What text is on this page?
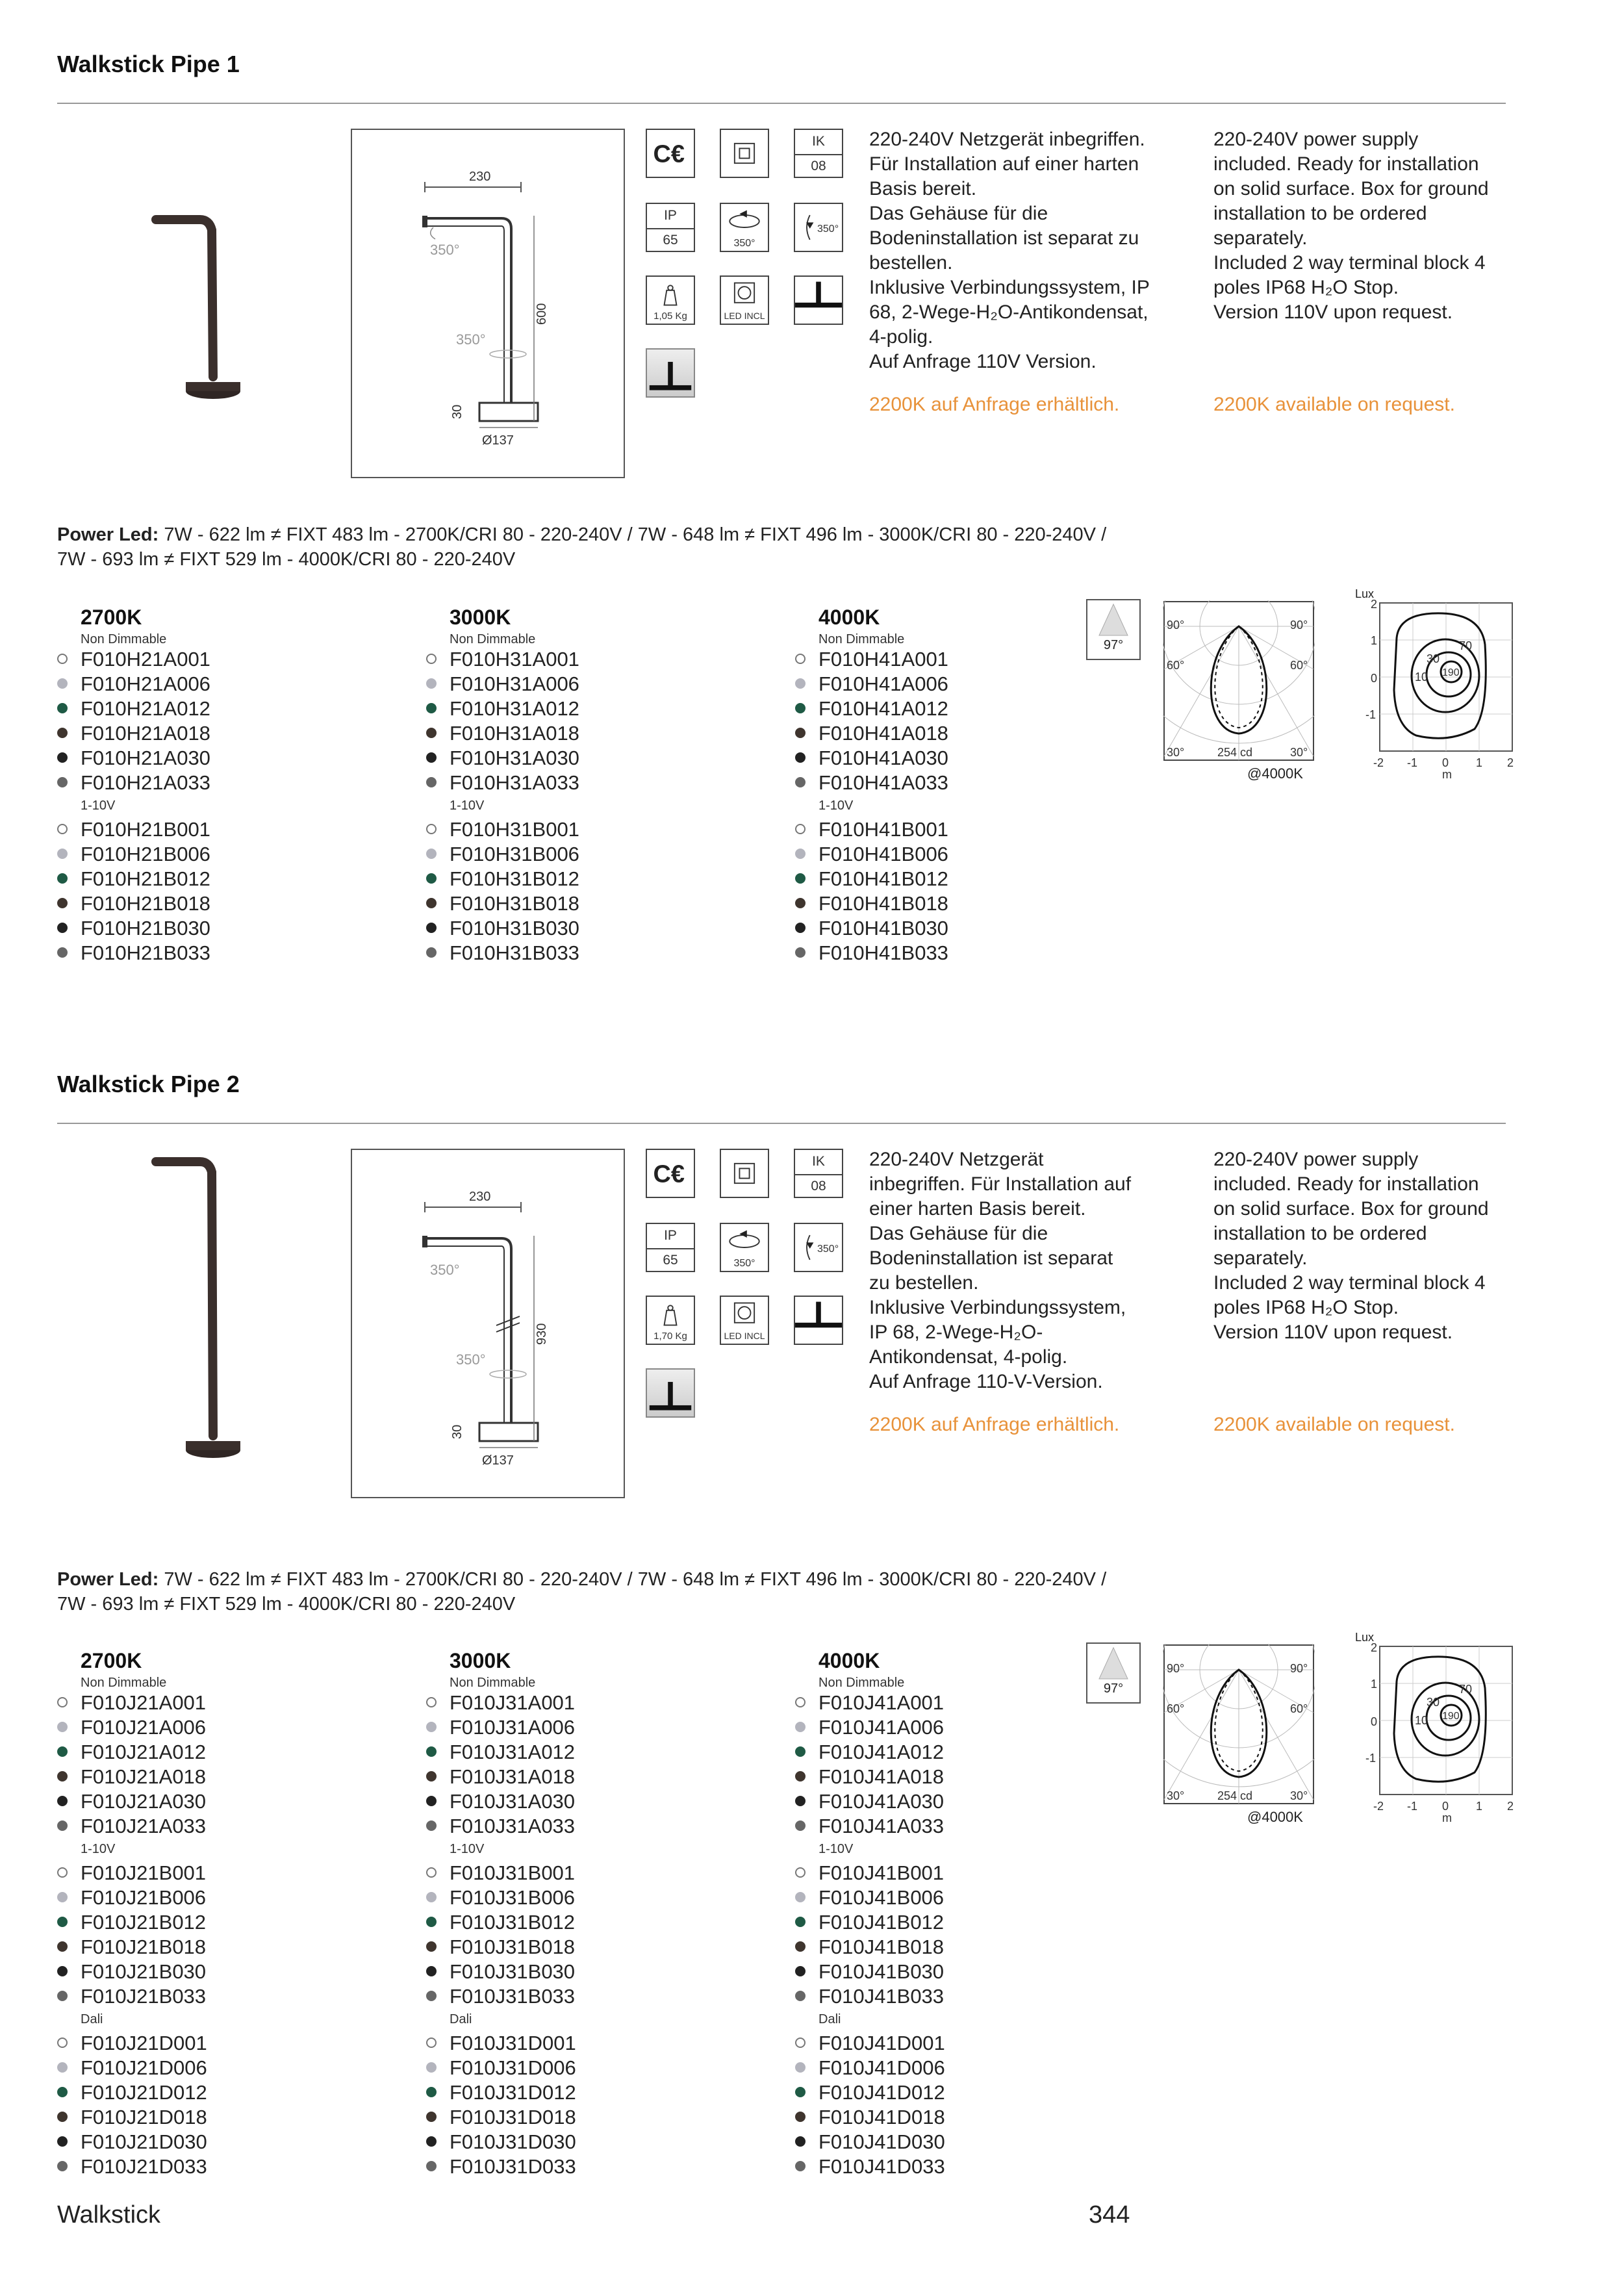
Walkstick Pipe 1
230
350°
350°
600
30
Ø137
C€	IK
08
IP
65	350°
350°
1,05 Kg	LED INCL
220-240V Netzgerät inbegriffen.
Für Installation auf einer harten
Basis bereit.
Das Gehäuse für die
Bodeninstallation ist separat zu
bestellen.
Inklusive Verbindungssystem, IP
68, 2-Wege-H₂O-Antikondensat,
4-polig.
Auf Anfrage 110V Version.
2200K auf Anfrage erhältlich.
220-240V power supply
included. Ready for installation
on solid surface. Box for ground
installation to be ordered
separately.
Included 2 way terminal block 4
poles IP68 H₂O Stop.
Version 110V upon request.
2200K available on request.
Power Led: 7W - 622 lm ≠ FIXT 483 lm - 2700K/CRI 80 - 220-240V / 7W - 648 lm ≠ FIXT 496 lm - 3000K/CRI 80 - 220-240V /
7W - 693 lm ≠ FIXT 529 lm - 4000K/CRI 80 - 220-240V
2700K
Non Dimmable
F010H21A001
F010H21A006
F010H21A012
F010H21A018
F010H21A030
F010H21A033
1-10V
F010H21B001
F010H21B006
F010H21B012
F010H21B018
F010H21B030
F010H21B033
3000K
Non Dimmable
F010H31A001
F010H31A006
F010H31A012
F010H31A018
F010H31A030
F010H31A033
1-10V
F010H31B001
F010H31B006
F010H31B012
F010H31B018
F010H31B030
F010H31B033
4000K
Non Dimmable
F010H41A001
F010H41A006
F010H41A012
F010H41A018
F010H41A030
F010H41A033
1-10V
F010H41B001
F010H41B006
F010H41B012
F010H41B018
F010H41B030
F010H41B033
97°
90°	90°
60°	60°
30°	30°
254 cd
@4000K
Lux
2
1
0
-1
-2 -1 0 1 2
m
70
30
10 190
Walkstick Pipe 2
230
350°
350°
930
30
Ø137
C€	IK
08
IP
65	350°
350°
1,70 Kg	LED INCL
220-240V Netzgerät
inbegriffen. Für Installation auf
einer harten Basis bereit.
Das Gehäuse für die
Bodeninstallation ist separat
zu bestellen.
Inklusive Verbindungssystem,
IP 68, 2-Wege-H₂O-
Antikondensat, 4-polig.
Auf Anfrage 110-V-Version.
2200K auf Anfrage erhältlich.
220-240V power supply
included. Ready for installation
on solid surface. Box for ground
installation to be ordered
separately.
Included 2 way terminal block 4
poles IP68 H₂O Stop.
Version 110V upon request.
2200K available on request.
Power Led: 7W - 622 lm ≠ FIXT 483 lm - 2700K/CRI 80 - 220-240V / 7W - 648 lm ≠ FIXT 496 lm - 3000K/CRI 80 - 220-240V /
7W - 693 lm ≠ FIXT 529 lm - 4000K/CRI 80 - 220-240V
2700K
Non Dimmable
F010J21A001
F010J21A006
F010J21A012
F010J21A018
F010J21A030
F010J21A033
1-10V
F010J21B001
F010J21B006
F010J21B012
F010J21B018
F010J21B030
F010J21B033
Dali
F010J21D001
F010J21D006
F010J21D012
F010J21D018
F010J21D030
F010J21D033
3000K
Non Dimmable
F010J31A001
F010J31A006
F010J31A012
F010J31A018
F010J31A030
F010J31A033
1-10V
F010J31B001
F010J31B006
F010J31B012
F010J31B018
F010J31B030
F010J31B033
Dali
F010J31D001
F010J31D006
F010J31D012
F010J31D018
F010J31D030
F010J31D033
4000K
Non Dimmable
F010J41A001
F010J41A006
F010J41A012
F010J41A018
F010J41A030
F010J41A033
1-10V
F010J41B001
F010J41B006
F010J41B012
F010J41B018
F010J41B030
F010J41B033
Dali
F010J41D001
F010J41D006
F010J41D012
F010J41D018
F010J41D030
F010J41D033
97°
90°	90°
60°	60°
30°	30°
254 cd
@4000K
Lux
2
1
0
-1
-2 -1 0 1 2
m
70
30
10 190
Walkstick	344
